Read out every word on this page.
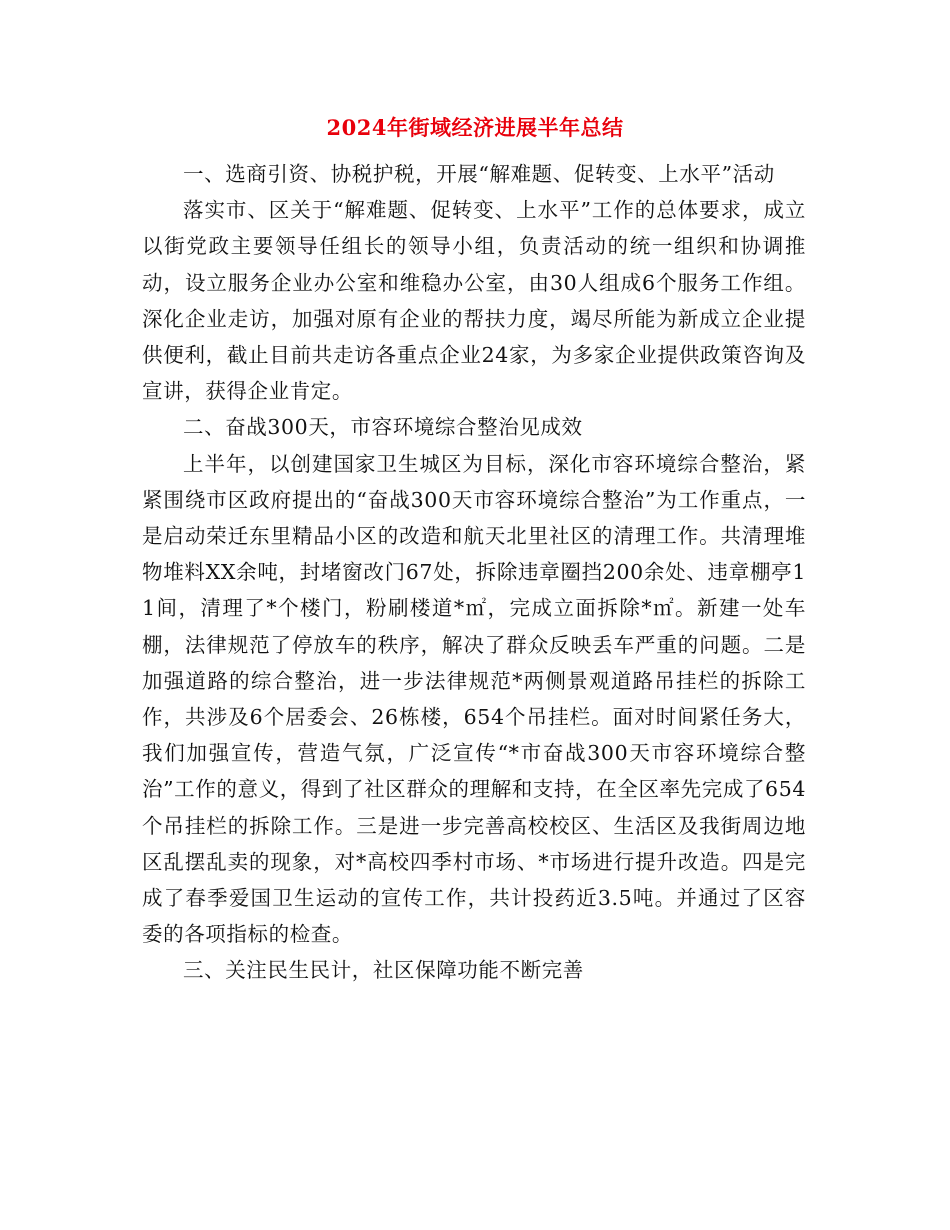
2024年街域经济进展半年总结

一、选商引资、协税护税，开展“解难题、促转变、上水平”活动

落实市、区关于“解难题、促转变、上水平”工作的总体要求，成立以街党政主要领导任组长的领导小组，负责活动的统一组织和协调推动，设立服务企业办公室和维稳办公室，由30人组成6个服务工作组。深化企业走访，加强对原有企业的帮扶力度，竭尽所能为新成立企业提供便利，截止目前共走访各重点企业24家，为多家企业提供政策咨询及宣讲，获得企业肯定。

二、奋战300天，市容环境综合整治见成效

上半年，以创建国家卫生城区为目标，深化市容环境综合整治，紧紧围绕市区政府提出的“奋战300天市容环境综合整治”为工作重点，一是启动荣迁东里精品小区的改造和航天北里社区的清理工作。共清理堆物堆料XX余吨，封堵窗改门67处，拆除违章圈挡200余处、违章棚亭11间，清理了*个楼门，粉刷楼道*㎡，完成立面拆除*㎡。新建一处车棚，法律规范了停放车的秩序，解决了群众反映丢车严重的问题。二是加强道路的综合整治，进一步法律规范*两侧景观道路吊挂栏的拆除工作，共涉及6个居委会、26栋楼，654个吊挂栏。面对时间紧任务大，我们加强宣传，营造气氛，广泛宣传“*市奋战300天市容环境综合整治”工作的意义，得到了社区群众的理解和支持，在全区率先完成了654个吊挂栏的拆除工作。三是进一步完善高校校区、生活区及我街周边地区乱摆乱卖的现象，对*高校四季村市场、*市场进行提升改造。四是完成了春季爱国卫生运动的宣传工作，共计投药近3.5吨。并通过了区容委的各项指标的检查。

三、关注民生民计，社区保障功能不断完善
